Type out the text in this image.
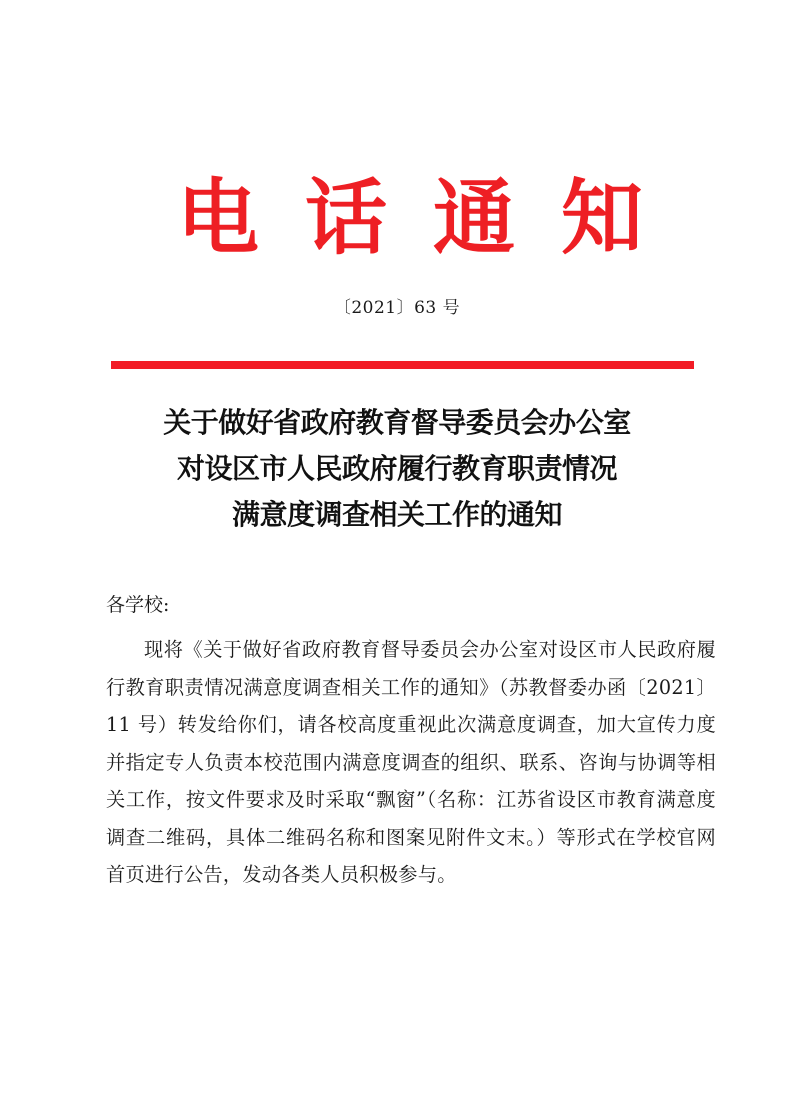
电 话 通 知
〔2021〕63 号
关于做好省政府教育督导委员会办公室
对设区市人民政府履行教育职责情况
满意度调查相关工作的通知
各学校:
现将《关于做好省政府教育督导委员会办公室对设区市人民政府履行教育职责情况满意度调查相关工作的通知》（苏教督委办函〔2021〕11 号）转发给你们，请各校高度重视此次满意度调查，加大宣传力度并指定专人负责本校范围内满意度调查的组织、联系、咨询与协调等相关工作，按文件要求及时采取“飘窗”（名称：江苏省设区市教育满意度调查二维码，具体二维码名称和图案见附件文末。）等形式在学校官网首页进行公告，发动各类人员积极参与。
